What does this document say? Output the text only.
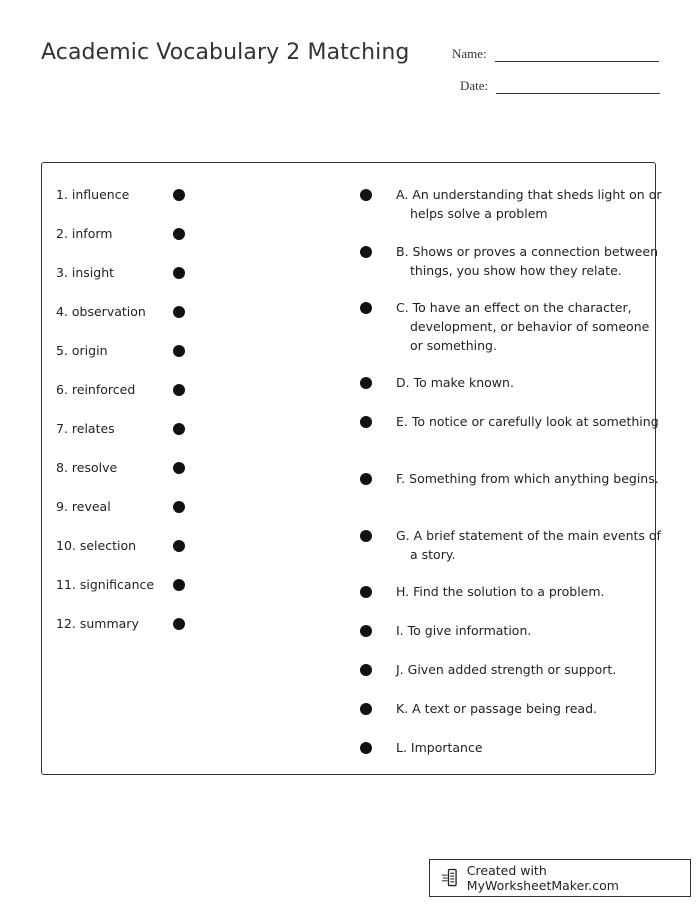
Academic Vocabulary 2 Matching	Name:
Date:
1. influence
2. inform
3. insight
4. observation
5. origin
6. reinforced
7. relates
8. resolve
9. reveal
10. selection
11. significance
12. summary
A. An understanding that sheds light on or helps solve a problem
B. Shows or proves a connection between things, you show how they relate.
C. To have an effect on the character, development, or behavior of someone or something.
D. To make known.
E. To notice or carefully look at something
F. Something from which anything begins.
G. A brief statement of the main events of a story.
H. Find the solution to a problem.
I. To give information.
J. Given added strength or support.
K. A text or passage being read.
L. Importance
Created with MyWorksheetMaker.com
